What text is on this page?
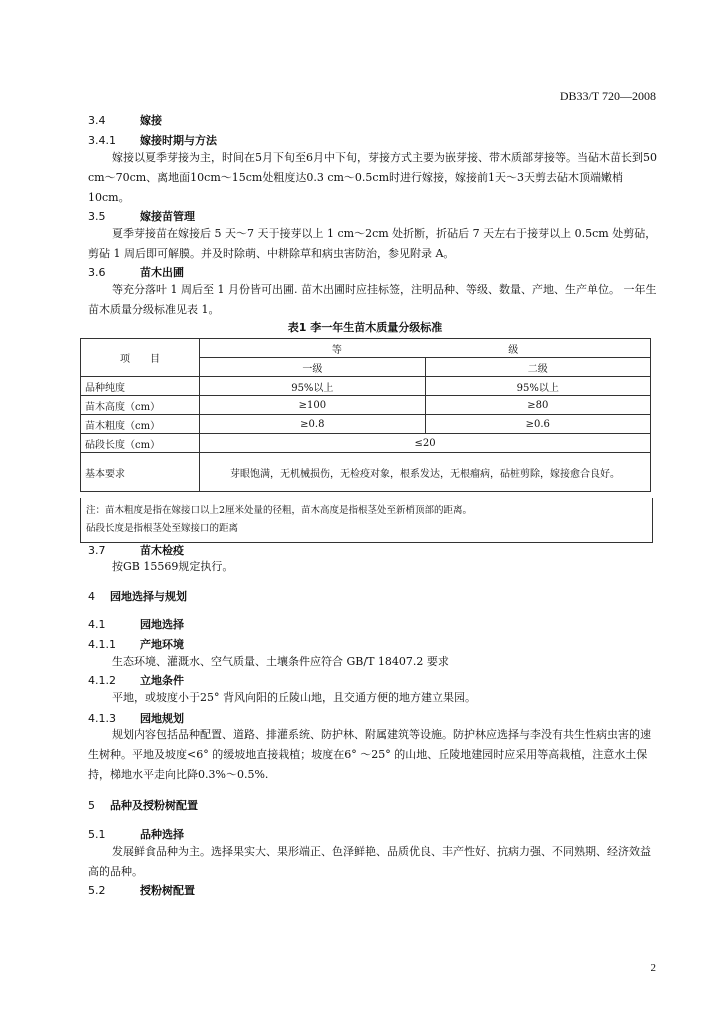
DB33/T 720—2008
3.4	嫁接
3.4.1 嫁接时期与方法
嫁接以夏季芽接为主，时间在5月下旬至6月中下旬，芽接方式主要为嵌芽接、带木质部芽接等。当砧木苗长到50 cm～70cm、离地面10cm～15cm处粗度达0.3 cm～0.5cm时进行嫁接，嫁接前1天～3天剪去砧木顶端嫩梢10cm。
3.5	嫁接苗管理
夏季芽接苗在嫁接后 5 天～7 天于接芽以上 1 cm～2cm 处折断，折砧后 7 天左右于接芽以上 0.5cm 处剪砧，剪砧 1 周后即可解膜。并及时除萌、中耕除草和病虫害防治，参见附录 A。
3.6	苗木出圃
等充分落叶 1 周后至 1 月份皆可出圃. 苗木出圃时应挂标签，注明品种、等级、数量、产地、生产单位。 一年生苗木质量分级标准见表 1。
表1 李一年生苗木质量分级标准
项　　目	等 级	
	一级	二级
品种纯度	95%以上	95%以上
苗木高度（cm）	≥100	≥80
苗木粗度（cm）	≥0.8	≥0.6
砧段长度（cm）	≤20	
基本要求	芽眼饱满，无机械损伤，无检疫对象，根系发达，无根瘤病，砧桩剪除，嫁接愈合良好。	
注：苗木粗度是指在嫁接口以上2厘米处量的径粗，苗木高度是指根茎处至新梢顶部的距离。
砧段长度是指根茎处至嫁接口的距离
3.7	苗木检疫
按GB 15569规定执行。
4 园地选择与规划
4.1	园地选择
4.1.1 产地环境
生态环境、灌溉水、空气质量、土壤条件应符合 GB/T 18407.2 要求
4.1.2 立地条件
平地，或坡度小于25° 背风向阳的丘陵山地，且交通方便的地方建立果园。
4.1.3 园地规划
规划内容包括品种配置、道路、排灌系统、防护林、附属建筑等设施。防护林应选择与李没有共生性病虫害的速生树种。平地及坡度<6° 的缓坡地直接栽植；坡度在6° ～25° 的山地、丘陵地建园时应采用等高栽植，注意水土保持，梯地水平走向比降0.3%～0.5%.
5 品种及授粉树配置
5.1	品种选择
发展鲜食品种为主。选择果实大、果形端正、色泽鲜艳、品质优良、丰产性好、抗病力强、不同熟期、经济效益高的品种。
5.2	授粉树配置
2
